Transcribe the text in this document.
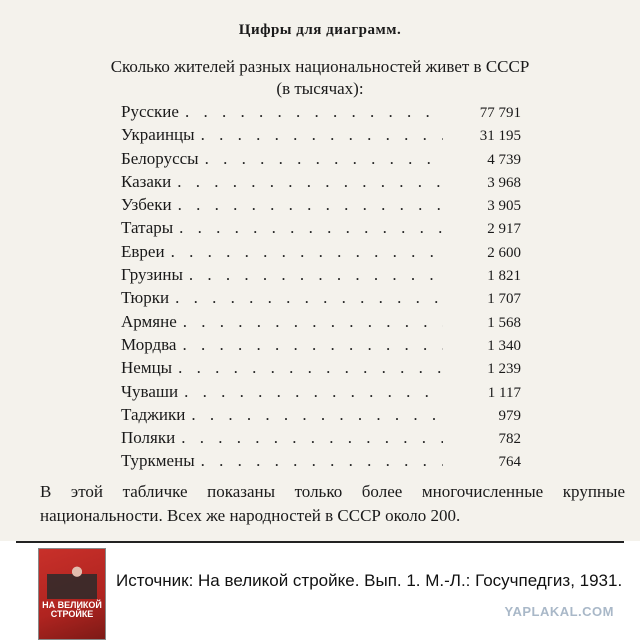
Цифры для диаграмм.
Сколько жителей разных национальностей живет в СССР
(в тысячах):
Русские . . .	77 791
Украинцы . . .	31 195
Белоруссы . . .	4 739
Казаки . . .	3 968
Узбеки . . .	3 905
Татары . . .	2 917
Евреи . . .	2 600
Грузины . . .	1 821
Тюрки . . .	1 707
Армяне . . .	1 568
Мордва . . .	1 340
Немцы . . .	1 239
Чуваши . . .	1 117
Таджики . . .	979
Поляки . . .	782
Туркмены . . .	764
В этой табличке показаны только более многочисленные крупные национальности. Всех же народностей в СССР около 200.
НА ВЕЛИКОЙ СТРОЙКЕ
Источник: На великой стройке. Вып. 1. М.-Л.: Госучпедгиз, 1931.
YAPLAKAL.COM
